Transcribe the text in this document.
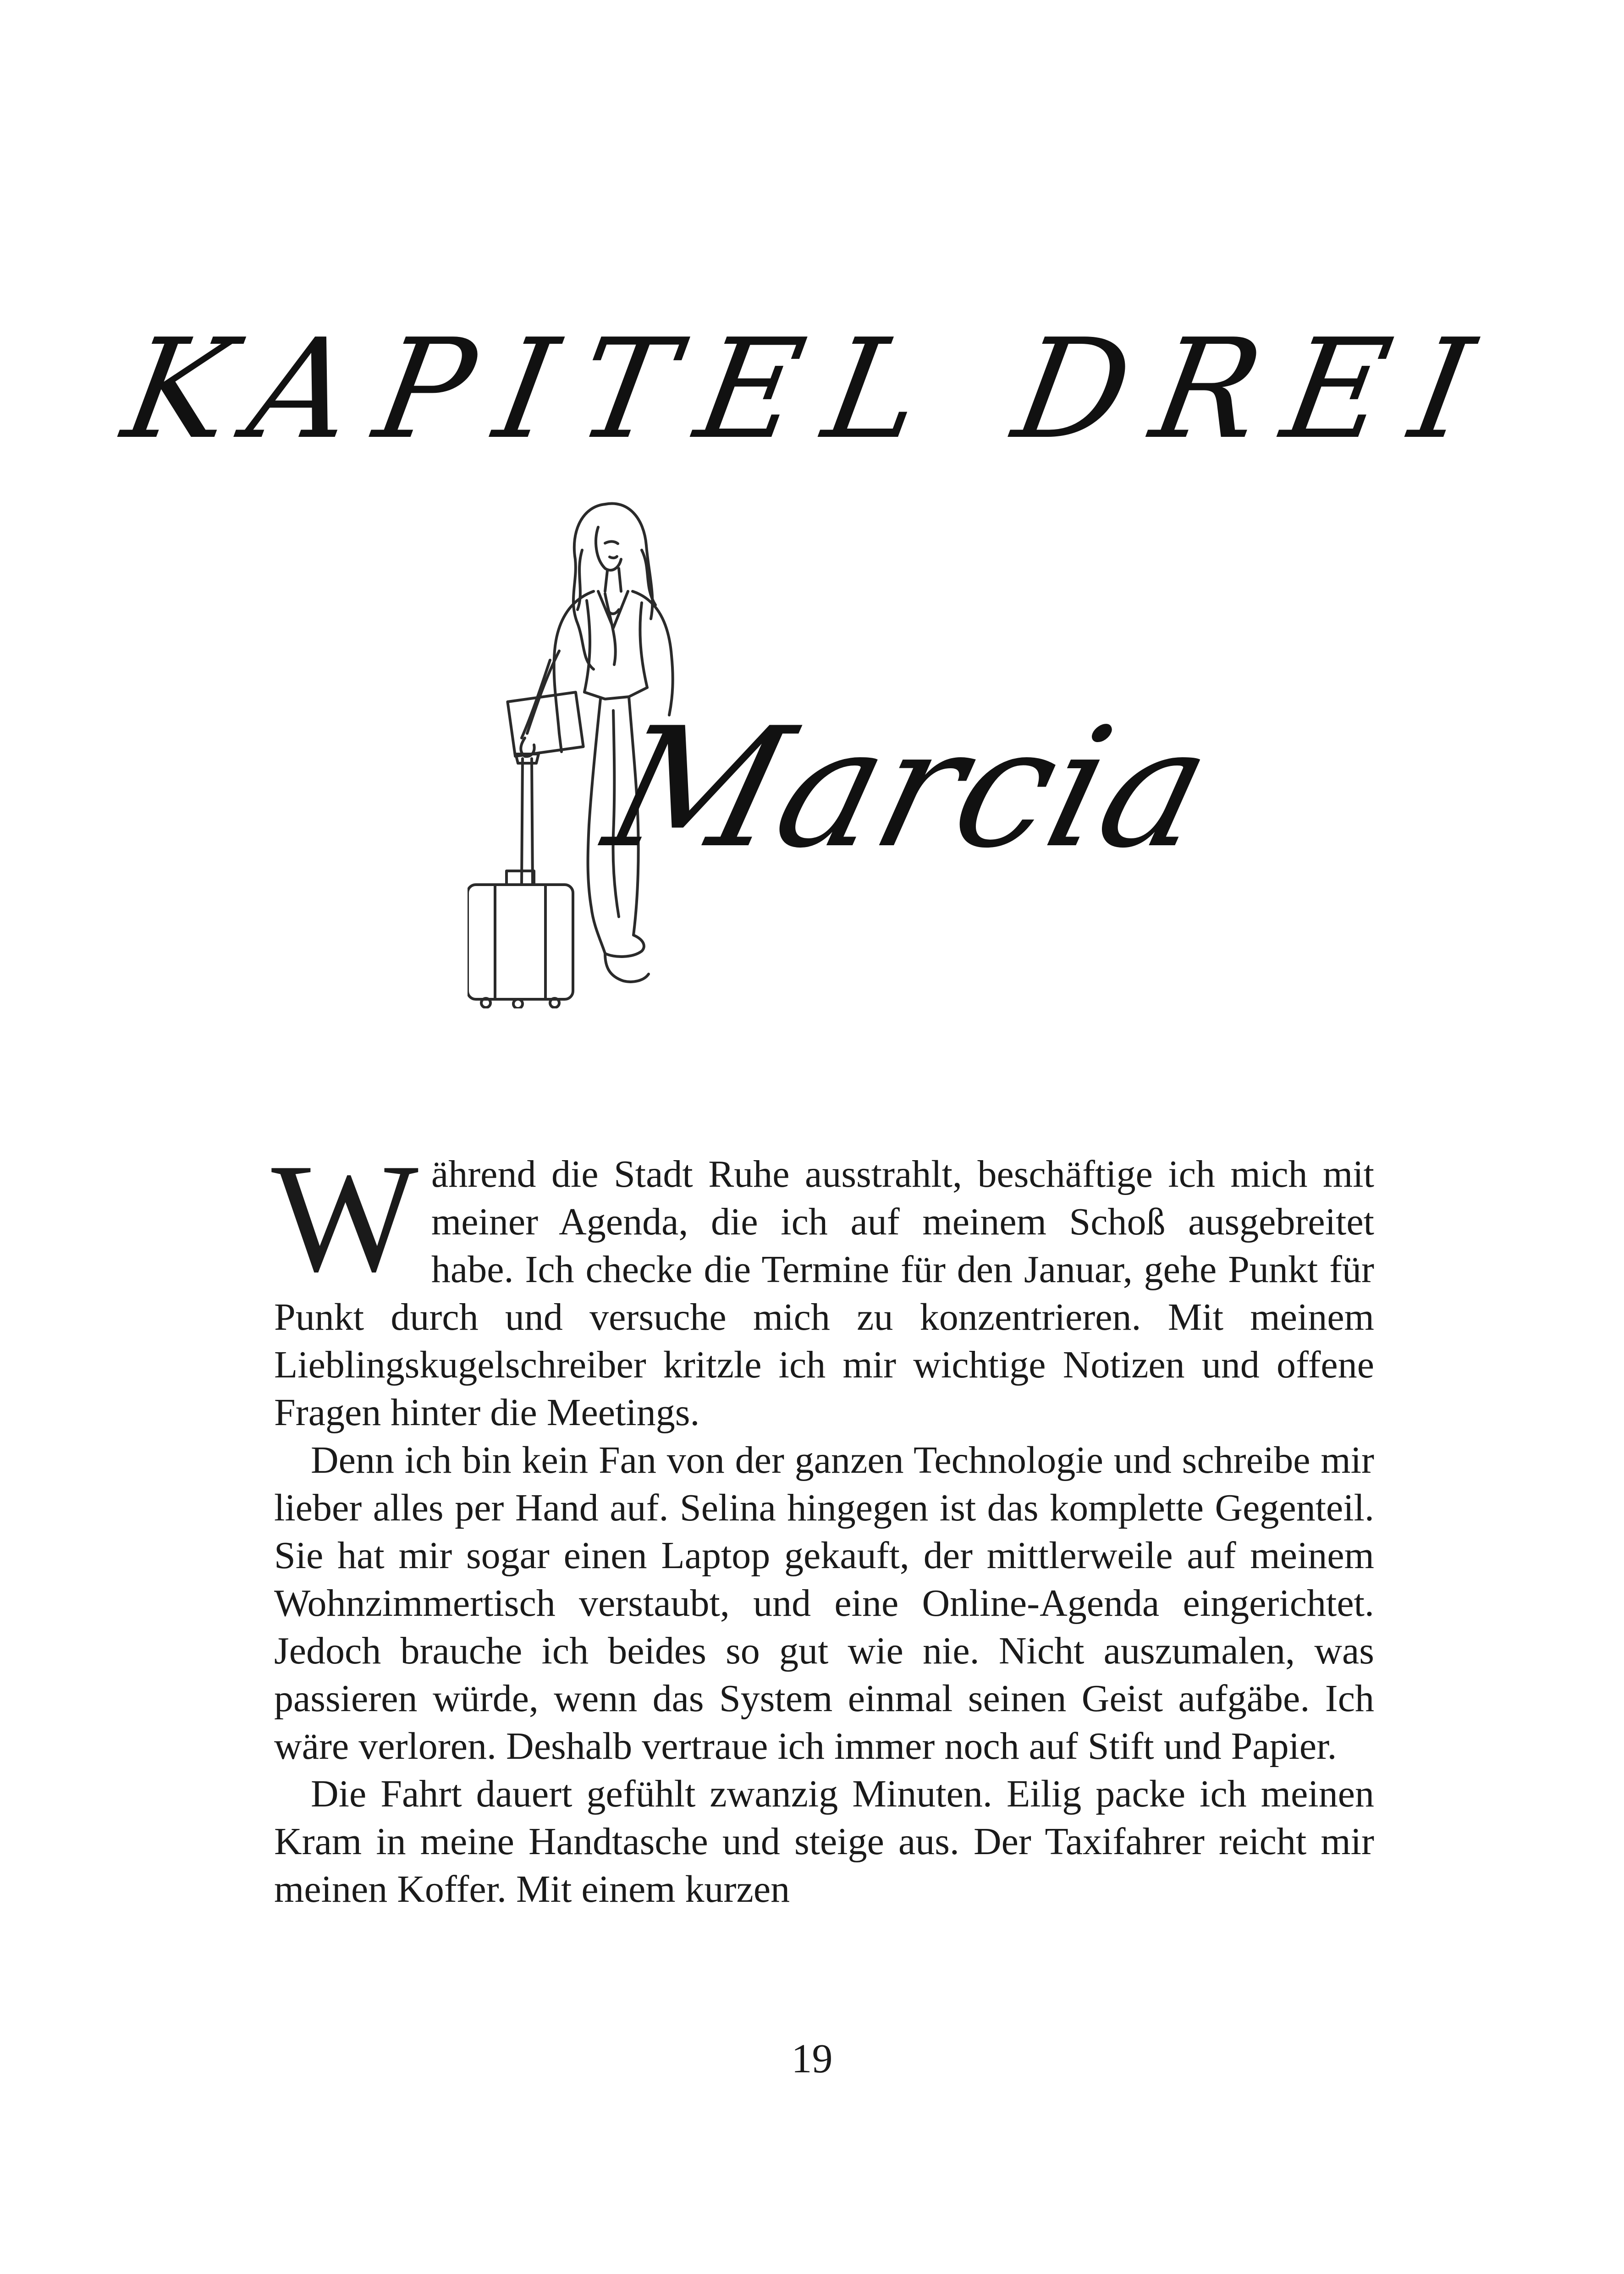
KAPITEL DREI
Marcia

Während die Stadt Ruhe ausstrahlt, beschäftige ich mich mit meiner Agenda, die ich auf meinem Schoß ausgebreitet habe. Ich checke die Termine für den Januar, gehe Punkt für Punkt durch und versuche mich zu konzentrieren. Mit meinem Lieblingskugelschreiber kritzle ich mir wichtige Notizen und offene Fragen hinter die Meetings.

Denn ich bin kein Fan von der ganzen Technologie und schreibe mir lieber alles per Hand auf. Selina hingegen ist das komplette Gegenteil. Sie hat mir sogar einen Laptop gekauft, der mittlerweile auf meinem Wohnzimmertisch verstaubt, und eine Online-Agenda eingerichtet. Jedoch brauche ich beides so gut wie nie. Nicht auszumalen, was passieren würde, wenn das System einmal seinen Geist aufgäbe. Ich wäre verloren. Deshalb vertraue ich immer noch auf Stift und Papier.

Die Fahrt dauert gefühlt zwanzig Minuten. Eilig packe ich meinen Kram in meine Handtasche und steige aus. Der Taxifahrer reicht mir meinen Koffer. Mit einem kurzen

19
